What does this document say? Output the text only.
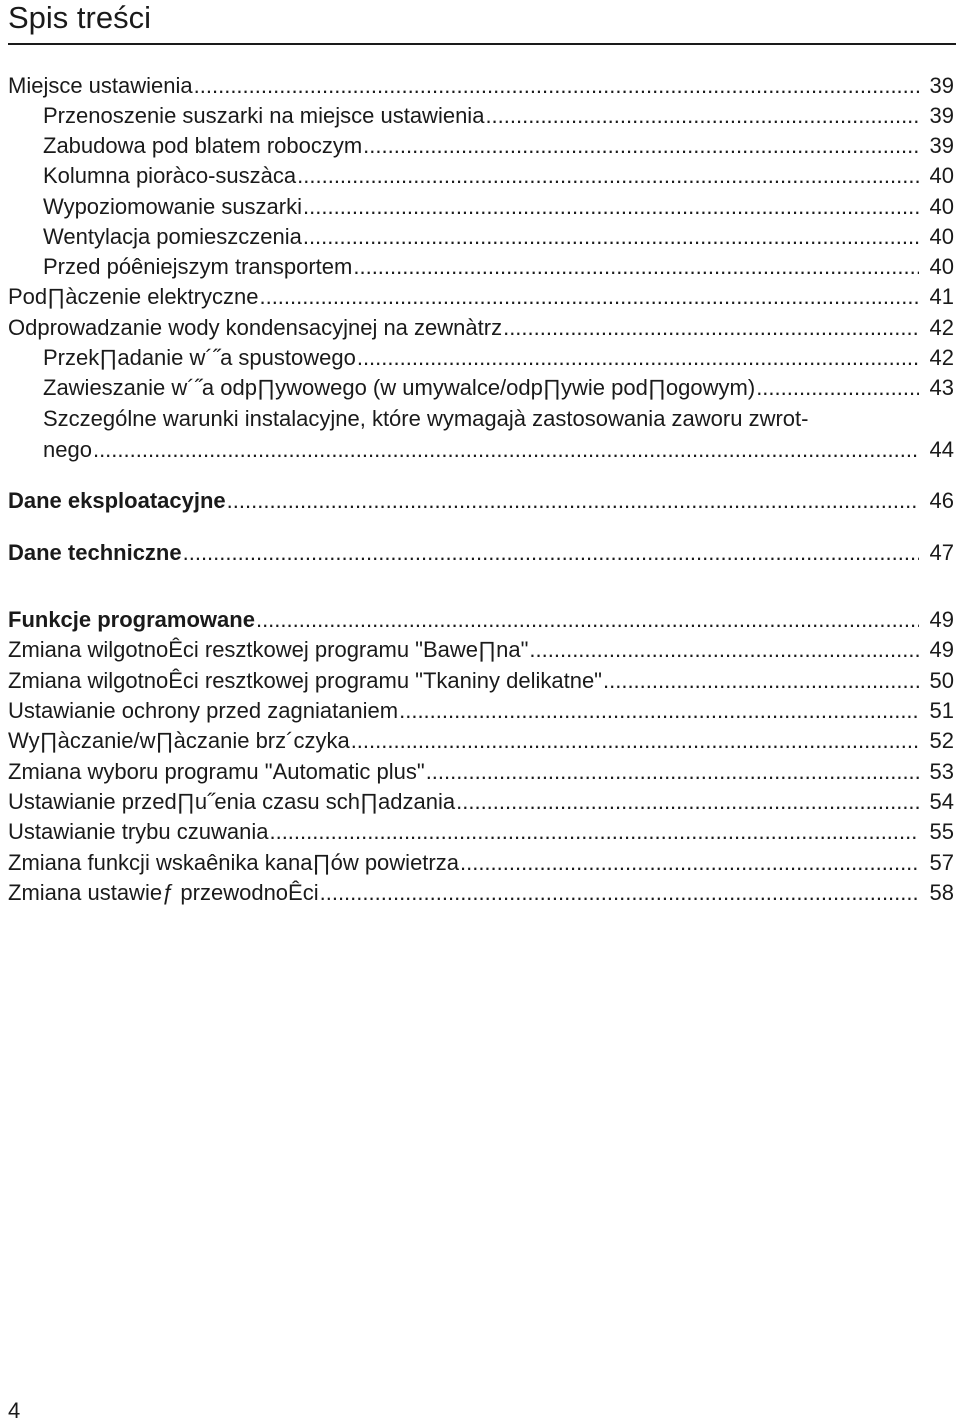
Spis treści
Miejsce ustawienia .....	39
Przenoszenie suszarki na miejsce ustawienia .....	39
Zabudowa pod blatem roboczym .....	39
Kolumna pioràco-suszàca .....	40
Wypoziomowanie suszarki .....	40
Wentylacja pomieszczenia .....	40
Przed póêniejszym transportem .....	40
Pod∏àczenie elektryczne .....	41
Odprowadzanie wody kondensacyjnej na zewnàtrz .....	42
Przek∏adanie w´˝a spustowego .....	42
Zawieszanie w´˝a odp∏ywowego (w umywalce/odp∏ywie pod∏ogowym) .....	43
Szczególne warunki instalacyjne, które wymagajà zastosowania zaworu zwrot-
nego .....	44
Dane eksploatacyjne .....	46
Dane techniczne .....	47
Funkcje programowane .....	49
Zmiana wilgotnoÊci resztkowej programu "Bawe∏na" .....	49
Zmiana wilgotnoÊci resztkowej programu "Tkaniny delikatne" .....	50
Ustawianie ochrony przed zagniataniem .....	51
Wy∏àczanie/w∏àczanie brz´czyka .....	52
Zmiana wyboru programu "Automatic plus" .....	53
Ustawianie przed∏u˝enia czasu sch∏adzania .....	54
Ustawianie trybu czuwania .....	55
Zmiana funkcji wskaênika kana∏ów powietrza .....	57
Zmiana ustawieƒ przewodnoÊci .....	58
4
